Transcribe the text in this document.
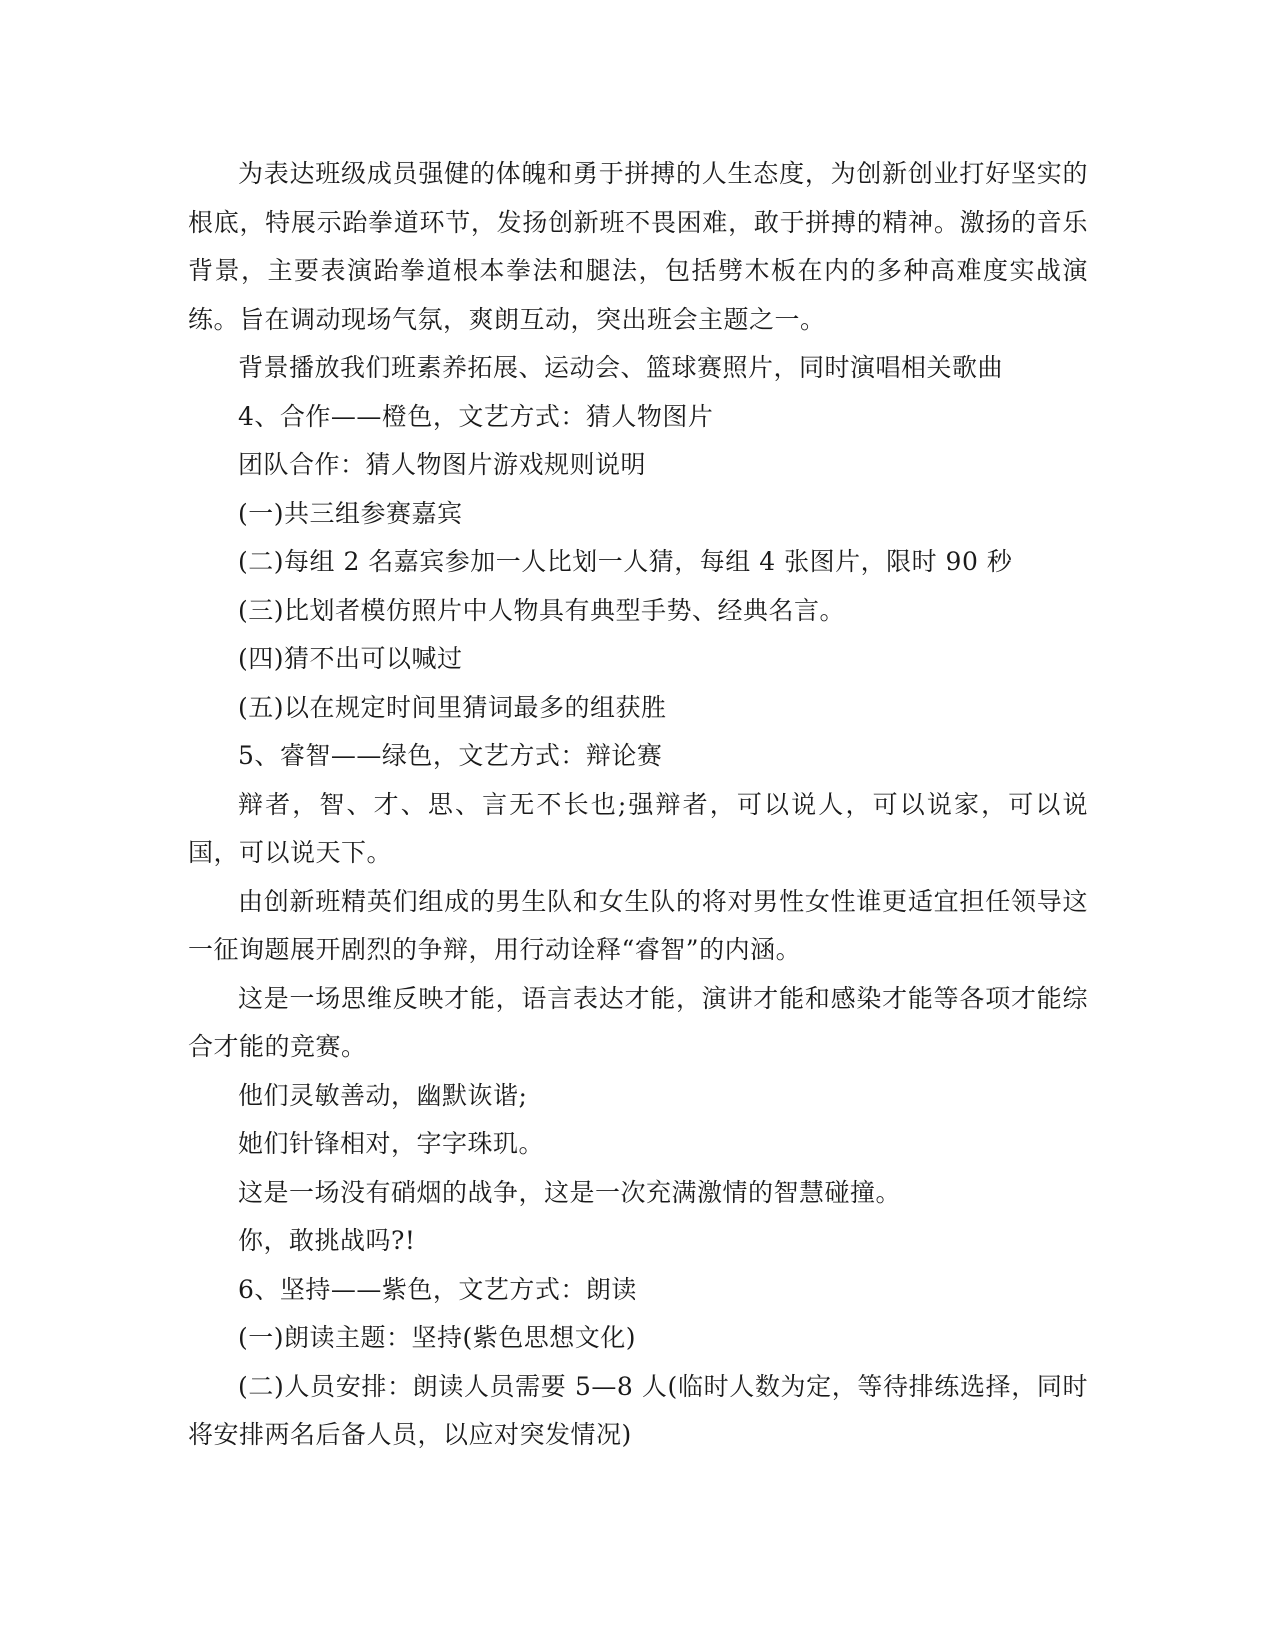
为表达班级成员强健的体魄和勇于拼搏的人生态度，为创新创业打好坚实的根底，特展示跆拳道环节，发扬创新班不畏困难，敢于拼搏的精神。激扬的音乐背景，主要表演跆拳道根本拳法和腿法，包括劈木板在内的多种高难度实战演练。旨在调动现场气氛，爽朗互动，突出班会主题之一。

背景播放我们班素养拓展、运动会、篮球赛照片，同时演唱相关歌曲

4、合作——橙色，文艺方式：猜人物图片

团队合作：猜人物图片游戏规则说明

(一)共三组参赛嘉宾

(二)每组 2 名嘉宾参加一人比划一人猜，每组 4 张图片，限时 90 秒

(三)比划者模仿照片中人物具有典型手势、经典名言。

(四)猜不出可以喊过

(五)以在规定时间里猜词最多的组获胜

5、睿智——绿色，文艺方式：辩论赛

辩者，智、才、思、言无不长也;强辩者，可以说人，可以说家，可以说国，可以说天下。

由创新班精英们组成的男生队和女生队的将对男性女性谁更适宜担任领导这一征询题展开剧烈的争辩，用行动诠释“睿智”的内涵。

这是一场思维反映才能，语言表达才能，演讲才能和感染才能等各项才能综合才能的竞赛。

他们灵敏善动，幽默诙谐;

她们针锋相对，字字珠玑。

这是一场没有硝烟的战争，这是一次充满激情的智慧碰撞。

你，敢挑战吗?!

6、坚持——紫色，文艺方式：朗读

(一)朗读主题：坚持(紫色思想文化)

(二)人员安排：朗读人员需要 5—8 人(临时人数为定，等待排练选择，同时将安排两名后备人员，以应对突发情况)
